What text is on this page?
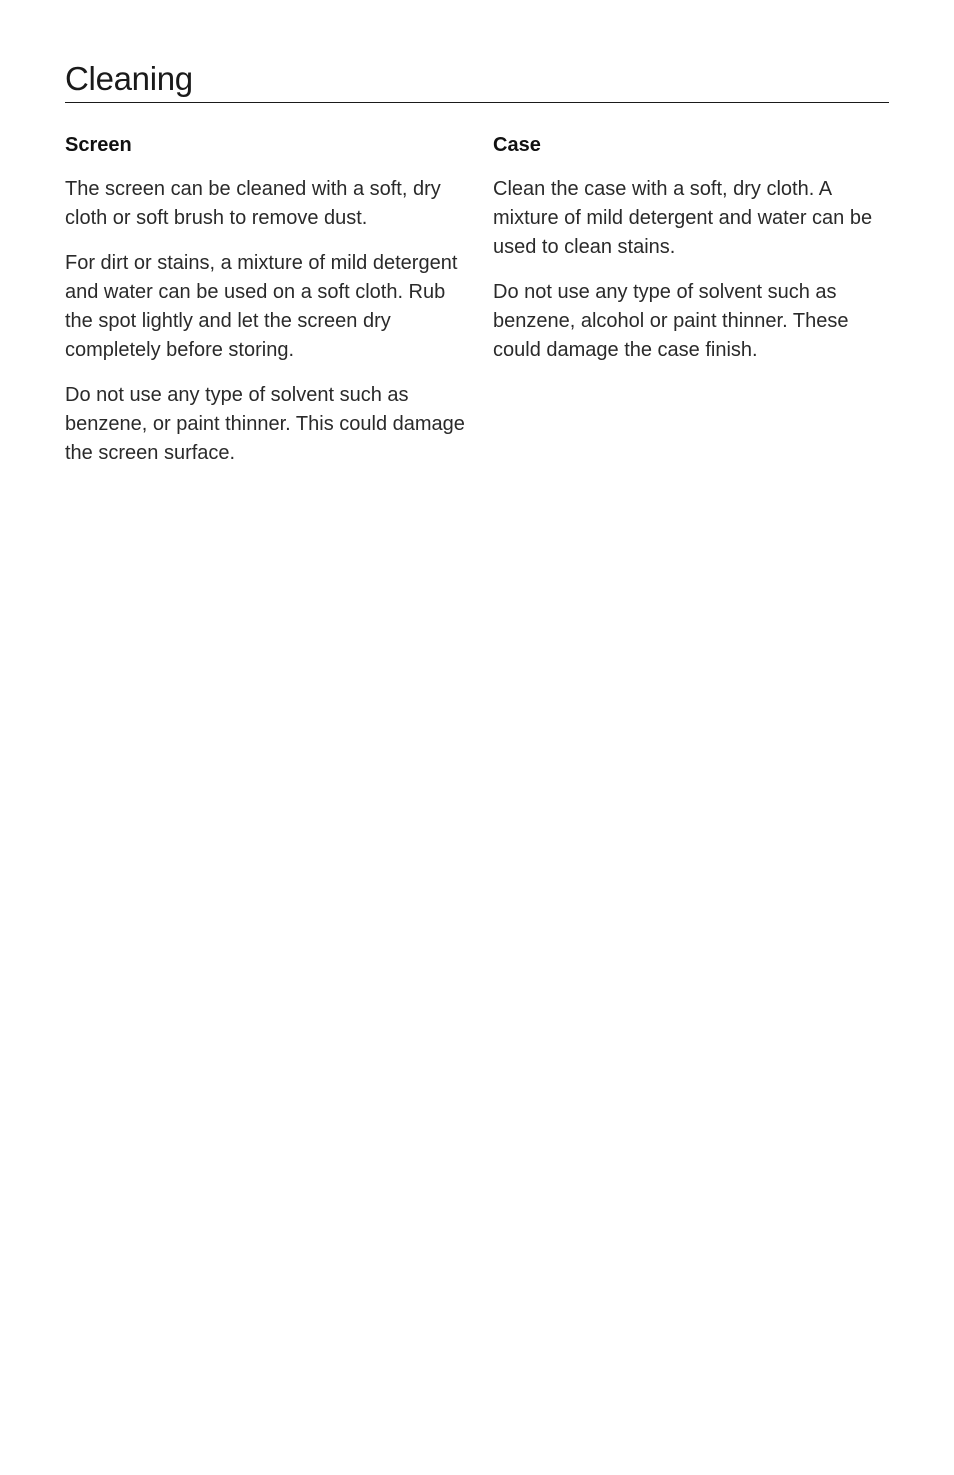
Cleaning
Screen

The screen can be cleaned with a soft, dry cloth or soft brush to remove dust.

For dirt or stains, a mixture of mild detergent and water can be used on a soft cloth. Rub the spot lightly and let the screen dry completely before storing.

Do not use any type of solvent such as benzene, or paint thinner. This could damage the screen surface.

Case

Clean the case with a soft, dry cloth. A mixture of mild detergent and water can be used to clean stains.

Do not use any type of solvent such as benzene, alcohol or paint thinner. These could damage the case finish.
